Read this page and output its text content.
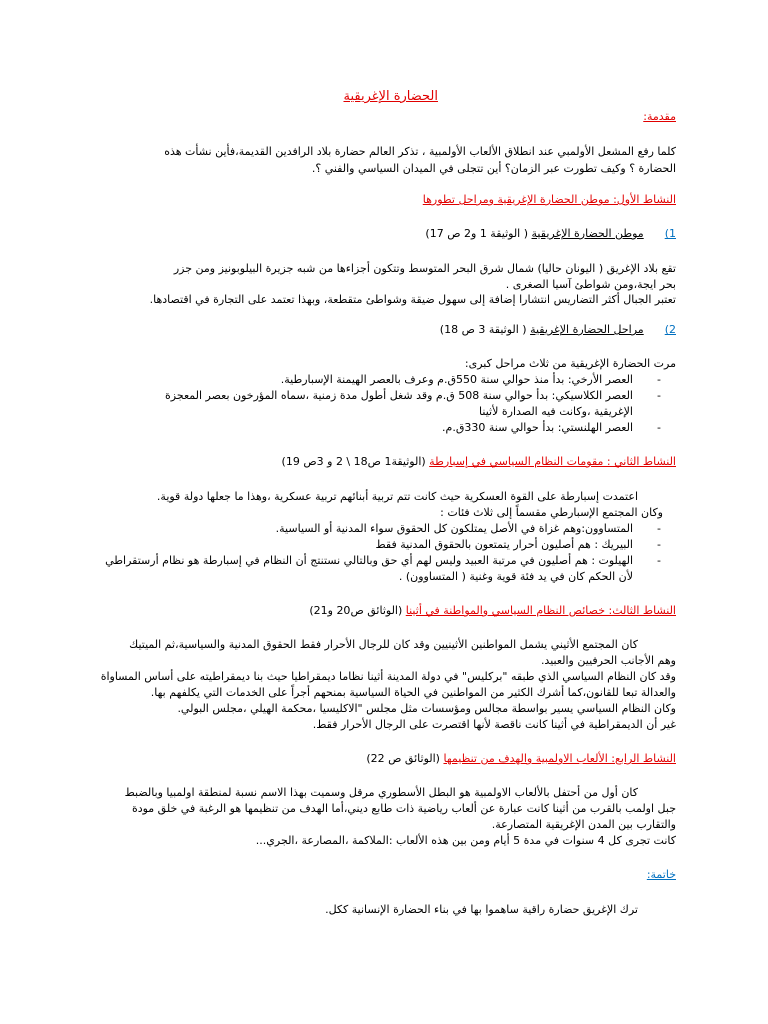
الحضارة الإغريقية
مقدمة:
كلما رفع المشعل الأولمبي عند انطلاق الألعاب الأولمبية ، تذكر العالم حضارة بلاد الرافدين القديمة،فأين نشأت هذه
الحضارة ؟ وكيف تطورت عبر الزمان؟ أين تتجلى في الميدان السياسي والفني ؟.
النشاط الأول: موطن الحضارة الإغريقية ومراحل تطورها
1)  موطن الحضارة الإغريقية ( الوثيقة 1 و2 ص 17)
تقع بلاد الإغريق ( اليونان حاليا) شمال شرق البحر المتوسط وتتكون أجزاءها من شبه جزيرة البيلوبونيز ومن جزر
بحر ايجة،ومن شواطئ آسيا الصغرى .
تعتبر الجبال أكثر التضاريس انتشارا إضافة إلى سهول ضيقة وشواطئ متقطعة، وبهذا تعتمد على التجارة في اقتصادها.
2)  مراحل الحضارة الإغريقية ( الوثيقة 3 ص 18)
مرت الحضارة الإغريقية من ثلاث مراحل كبرى:
-
العصر الأرخي: بدأ منذ حوالي سنة 550ق.م وعرف بالعصر الهيمنة الإسبارطية.
-
العصر الكلاسيكي: بدأ حوالي سنة 508 ق.م وقد شغل أطول مدة زمنية ،سماه المؤرخون بعصر المعجزة
الإغريقية ،وكانت فيه الصدارة لأثينا
-
العصر الهلنستي: بدأ حوالي سنة 330ق.م.
النشاط الثاني : مقومات النظام السياسي في إسبارطة (الوثيقة1 ص18 \ 2 و 3ص 19)
اعتمدت إسبارطة على القوة العسكرية حيث كانت تتم تربية أبنائهم تربية عسكرية ،وهذا ما جعلها دولة قوية.
وكان المجتمع الإسبارطي مقسماً إلى ثلاث فئات :
-
المتساوون:وهم غزاة في الأصل يمتلكون كل الحقوق سواء المدنية أو السياسية.
-
البيريك : هم أصليون أحرار يتمتعون بالحقوق المدنية فقط
-
الهيلوت : هم أصليون في مرتبة العبيد وليس لهم أي حق وبالتالي نستنتج أن النظام في إسبارطة هو نظام أرستقراطي
لأن الحكم كان في يد فئة قوية وغنية ( المتساوون) .
النشاط الثالث: خصائص النظام السياسي والمواطنة في أثينا (الوثائق ص20 و21)
كان المجتمع الأثيني يشمل المواطنين الأثينيين وقد كان للرجال الأحرار فقط الحقوق المدنية والسياسية،ثم الميتيك
وهم الأجانب الحرفيين والعبيد.
وقد كان النظام السياسي الذي طبقه "بركليس" في دولة المدينة أثينا نظاما ديمقراطيا حيث بنا ديمقراطيته على أساس المساواة
والعدالة تبعا للقانون،كما أشرك الكثير من المواطنين في الحياة السياسية بمنحهم أجراً على الخدمات التي يكلفهم بها.
وكان النظام السياسي يسير بواسطة مجالس ومؤسسات مثل مجلس "الاكليسيا ،محكمة الهيلي ،مجلس البولي.
غير أن الديمقراطية في أثينا كانت ناقصة لأنها اقتصرت على الرجال الأحرار فقط.
النشاط الرابع: الألعاب الاولمبية والهدف من تنظيمها (الوثائق ص 22)
كان أول من أحتفل بالألعاب الاولمبية هو البطل الأسطوري مرقل وسميت بهذا الاسم نسبة لمنطقة اولمبيا وبالضبط
جبل اولمب بالقرب من أثينا كانت عبارة عن ألعاب رياضية ذات طابع ديني،أما الهدف من تنظيمها هو الرغبة في خلق مودة
والتقارب بين المدن الإغريقية المتصارعة.
كانت تجرى كل 4 سنوات في مدة 5 أيام ومن بين هذه الألعاب :الملاكمة ،المصارعة ،الجري...
خاتمة:
ترك الإغريق حضارة راقية ساهموا بها في بناء الحضارة الإنسانية ككل.
